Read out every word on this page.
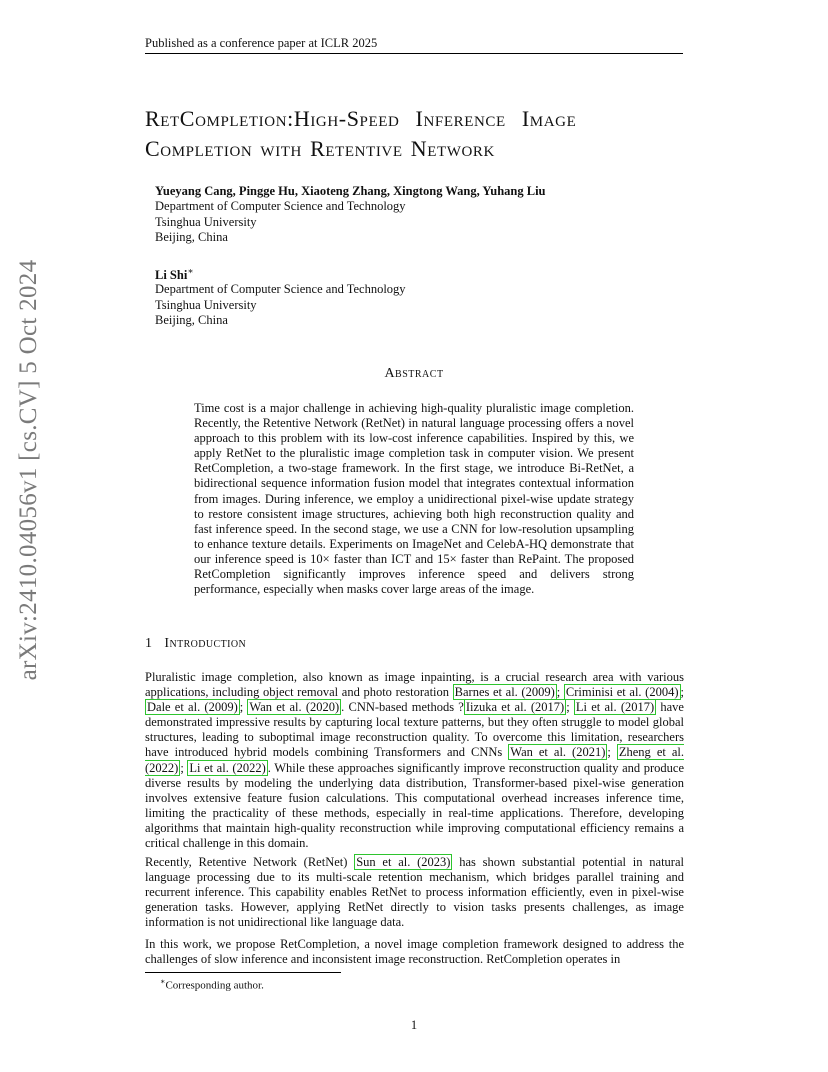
Published as a conference paper at ICLR 2025
arXiv:2410.04056v1 [cs.CV] 5 Oct 2024
RetCompletion:High-Speed Inference Image
Completion with Retentive Network
Yueyang Cang, Pingge Hu, Xiaoteng Zhang, Xingtong Wang, Yuhang Liu
Department of Computer Science and Technology
Tsinghua University
Beijing, China
Li Shi∗
Department of Computer Science and Technology
Tsinghua University
Beijing, China
Abstract
Time cost is a major challenge in achieving high-quality pluralistic image completion. Recently, the Retentive Network (RetNet) in natural language processing offers a novel approach to this problem with its low-cost inference capabilities. Inspired by this, we apply RetNet to the pluralistic image completion task in computer vision. We present RetCompletion, a two-stage framework. In the first stage, we introduce Bi-RetNet, a bidirectional sequence information fusion model that integrates contextual information from images. During inference, we employ a unidirectional pixel-wise update strategy to restore consistent image structures, achieving both high reconstruction quality and fast inference speed. In the second stage, we use a CNN for low-resolution upsampling to enhance texture details. Experiments on ImageNet and CelebA-HQ demonstrate that our inference speed is 10× faster than ICT and 15× faster than RePaint. The proposed RetCompletion significantly improves inference speed and delivers strong performance, especially when masks cover large areas of the image.
1 Introduction
Pluralistic image completion, also known as image inpainting, is a crucial research area with various applications, including object removal and photo restoration Barnes et al. (2009) ; Criminisi et al. (2004) ; Dale et al. (2009) ; Wan et al. (2020) . CNN-based methods ? Iizuka et al. (2017) ; Li et al. (2017) have demonstrated impressive results by capturing local texture patterns, but they often struggle to model global structures, leading to suboptimal image reconstruction quality. To overcome this limitation, researchers have introduced hybrid models combining Transformers and CNNs Wan et al. (2021) ; Zheng et al. (2022) ; Li et al. (2022) . While these approaches significantly improve reconstruction quality and produce diverse results by modeling the underlying data distribution, Transformer-based pixel-wise generation involves extensive feature fusion calculations. This computational overhead increases inference time, limiting the practicality of these methods, especially in real-time applications. Therefore, developing algorithms that maintain high-quality reconstruction while improving computational efficiency remains a critical challenge in this domain.
Recently, Retentive Network (RetNet) Sun et al. (2023) has shown substantial potential in natural language processing due to its multi-scale retention mechanism, which bridges parallel training and recurrent inference. This capability enables RetNet to process information efficiently, even in pixel-wise generation tasks. However, applying RetNet directly to vision tasks presents challenges, as image information is not unidirectional like language data.
In this work, we propose RetCompletion, a novel image completion framework designed to address the challenges of slow inference and inconsistent image reconstruction. RetCompletion operates in
∗Corresponding author.
1
